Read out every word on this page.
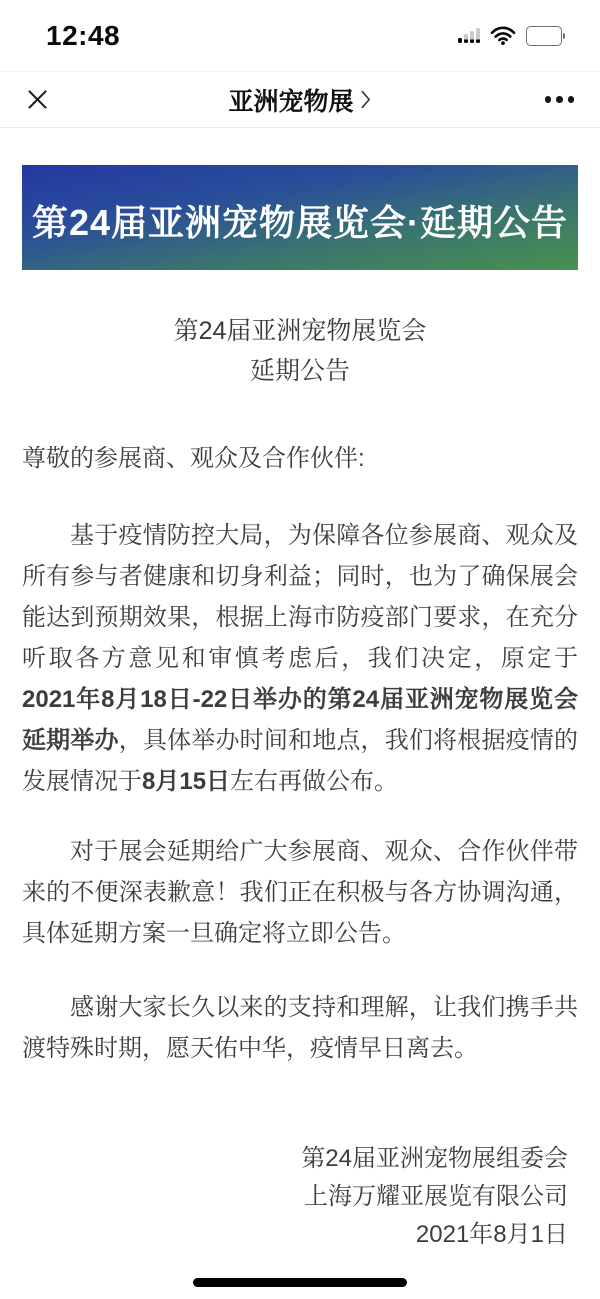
12:48
亚洲宠物展
第24届亚洲宠物展览会·延期公告
第24届亚洲宠物展览会
延期公告

尊敬的参展商、观众及合作伙伴:

基于疫情防控大局，为保障各位参展商、观众及所有参与者健康和切身利益；同时，也为了确保展会能达到预期效果，根据上海市防疫部门要求，在充分听取各方意见和审慎考虑后，我们决定，原定于2021年8月18日-22日举办的第24届亚洲宠物展览会延期举办，具体举办时间和地点，我们将根据疫情的发展情况于8月15日左右再做公布。

对于展会延期给广大参展商、观众、合作伙伴带来的不便深表歉意！我们正在积极与各方协调沟通，具体延期方案一旦确定将立即公告。

感谢大家长久以来的支持和理解，让我们携手共渡特殊时期，愿天佑中华，疫情早日离去。

第24届亚洲宠物展组委会

上海万耀亚展览有限公司

2021年8月1日
